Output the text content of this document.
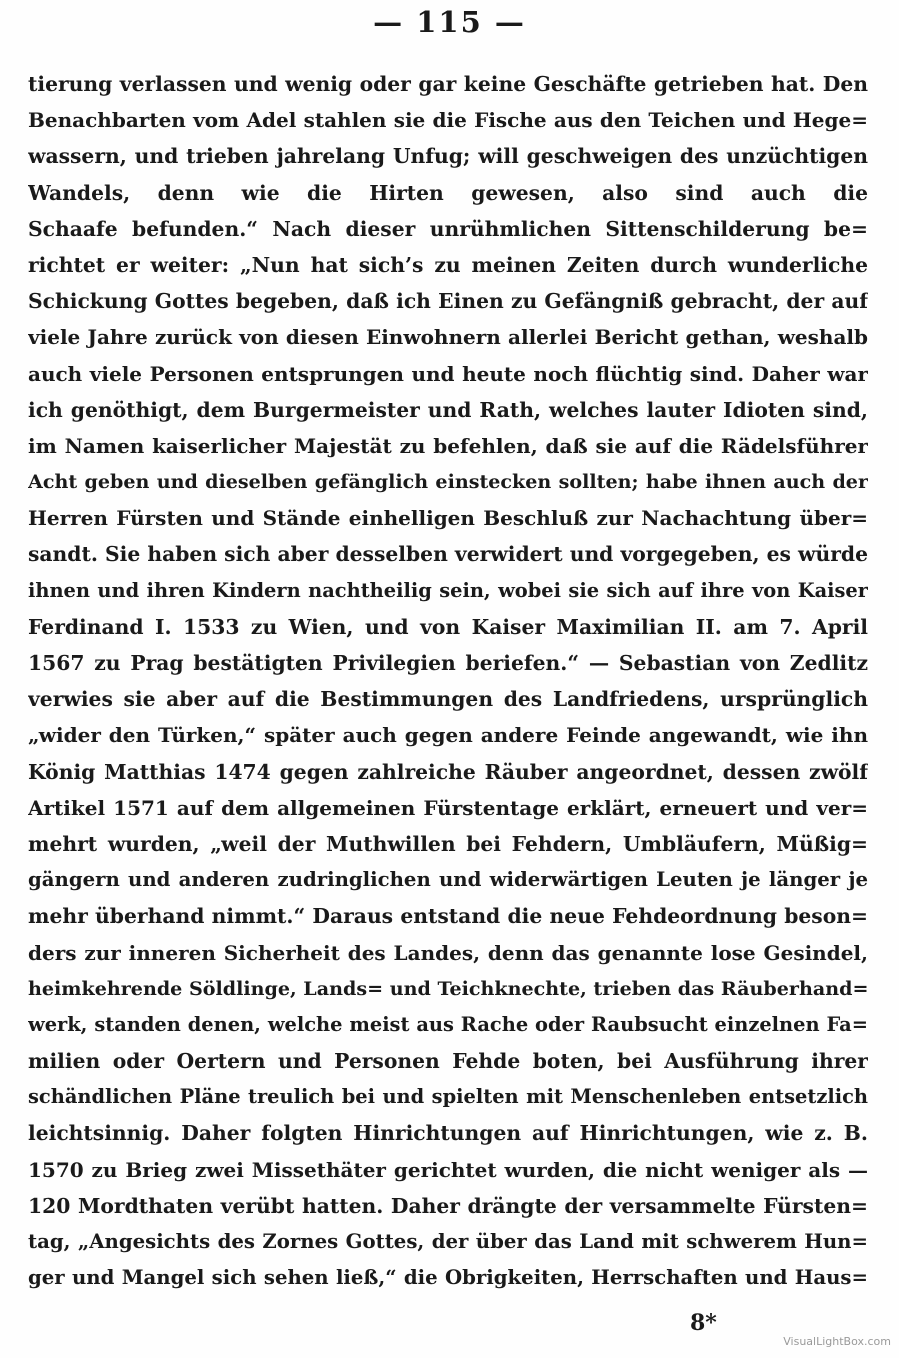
— 115 —
tierung verlassen und wenig oder gar keine Geschäfte getrieben hat. Den
Benachbarten vom Adel stahlen sie die Fische aus den Teichen und Hege=
wassern, und trieben jahrelang Unfug; will geschweigen des unzüchtigen
Wandels, denn wie die Hirten gewesen, also sind auch die
Schaafe befunden.“ Nach dieser unrühmlichen Sittenschilderung be=
richtet er weiter: „Nun hat sich’s zu meinen Zeiten durch wunderliche
Schickung Gottes begeben, daß ich Einen zu Gefängniß gebracht, der auf
viele Jahre zurück von diesen Einwohnern allerlei Bericht gethan, weshalb
auch viele Personen entsprungen und heute noch flüchtig sind. Daher war
ich genöthigt, dem Burgermeister und Rath, welches lauter Idioten sind,
im Namen kaiserlicher Majestät zu befehlen, daß sie auf die Rädelsführer
Acht geben und dieselben gefänglich einstecken sollten; habe ihnen auch der
Herren Fürsten und Stände einhelligen Beschluß zur Nachachtung über=
sandt. Sie haben sich aber desselben verwidert und vorgegeben, es würde
ihnen und ihren Kindern nachtheilig sein, wobei sie sich auf ihre von Kaiser
Ferdinand I. 1533 zu Wien, und von Kaiser Maximilian II. am 7. April
1567 zu Prag bestätigten Privilegien beriefen.“ — Sebastian von Zedlitz
verwies sie aber auf die Bestimmungen des Landfriedens, ursprünglich
„wider den Türken,“ später auch gegen andere Feinde angewandt, wie ihn
König Matthias 1474 gegen zahlreiche Räuber angeordnet, dessen zwölf
Artikel 1571 auf dem allgemeinen Fürstentage erklärt, erneuert und ver=
mehrt wurden, „weil der Muthwillen bei Fehdern, Umbläufern, Müßig=
gängern und anderen zudringlichen und widerwärtigen Leuten je länger je
mehr überhand nimmt.“ Daraus entstand die neue Fehdeordnung beson=
ders zur inneren Sicherheit des Landes, denn das genannte lose Gesindel,
heimkehrende Söldlinge, Lands= und Teichknechte, trieben das Räuberhand=
werk, standen denen, welche meist aus Rache oder Raubsucht einzelnen Fa=
milien oder Oertern und Personen Fehde boten, bei Ausführung ihrer
schändlichen Pläne treulich bei und spielten mit Menschenleben entsetzlich
leichtsinnig. Daher folgten Hinrichtungen auf Hinrichtungen, wie z. B.
1570 zu Brieg zwei Missethäter gerichtet wurden, die nicht weniger als —
120 Mordthaten verübt hatten. Daher drängte der versammelte Fürsten=
tag, „Angesichts des Zornes Gottes, der über das Land mit schwerem Hun=
ger und Mangel sich sehen ließ,“ die Obrigkeiten, Herrschaften und Haus=
8*
VisualLightBox.com
